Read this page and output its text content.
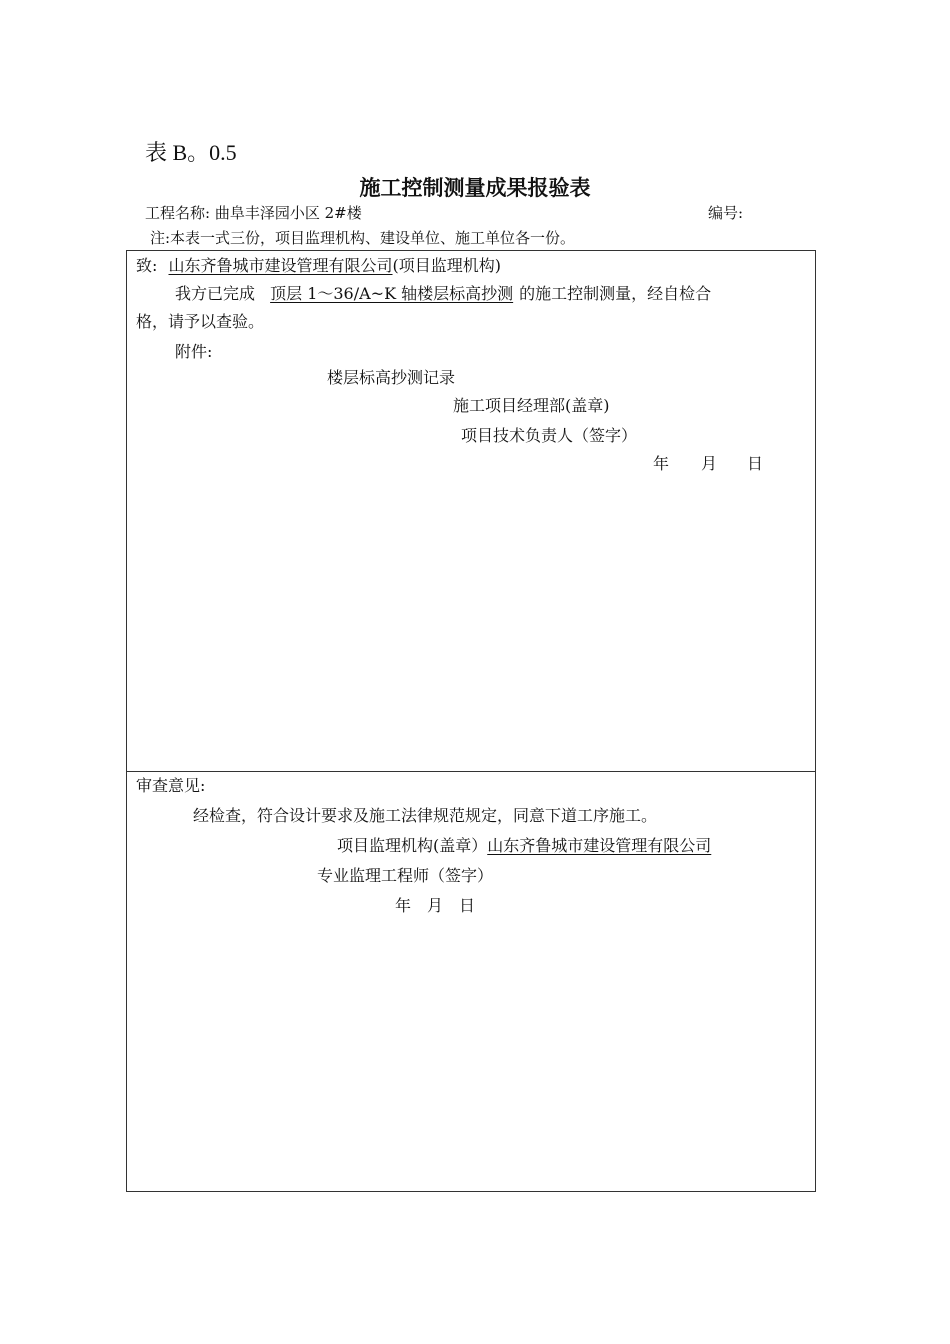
表 B。0.5
施工控制测量成果报验表
工程名称: 曲阜丰泽园小区 2#楼	编号:
注:本表一式三份，项目监理机构、建设单位、施工单位各一份。
致: 山东齐鲁城市建设管理有限公司(项目监理机构)
我方已完成 顶层 1～36/A~K 轴楼层标高抄测 的施工控制测量，经自检合
格，请予以查验。
附件:
楼层标高抄测记录
施工项目经理部(盖章)
项目技术负责人（签字）
年 月 日
审查意见:
经检查，符合设计要求及施工法律规范规定，同意下道工序施工。
项目监理机构(盖章）山东齐鲁城市建设管理有限公司
专业监理工程师（签字）
年 月 日
